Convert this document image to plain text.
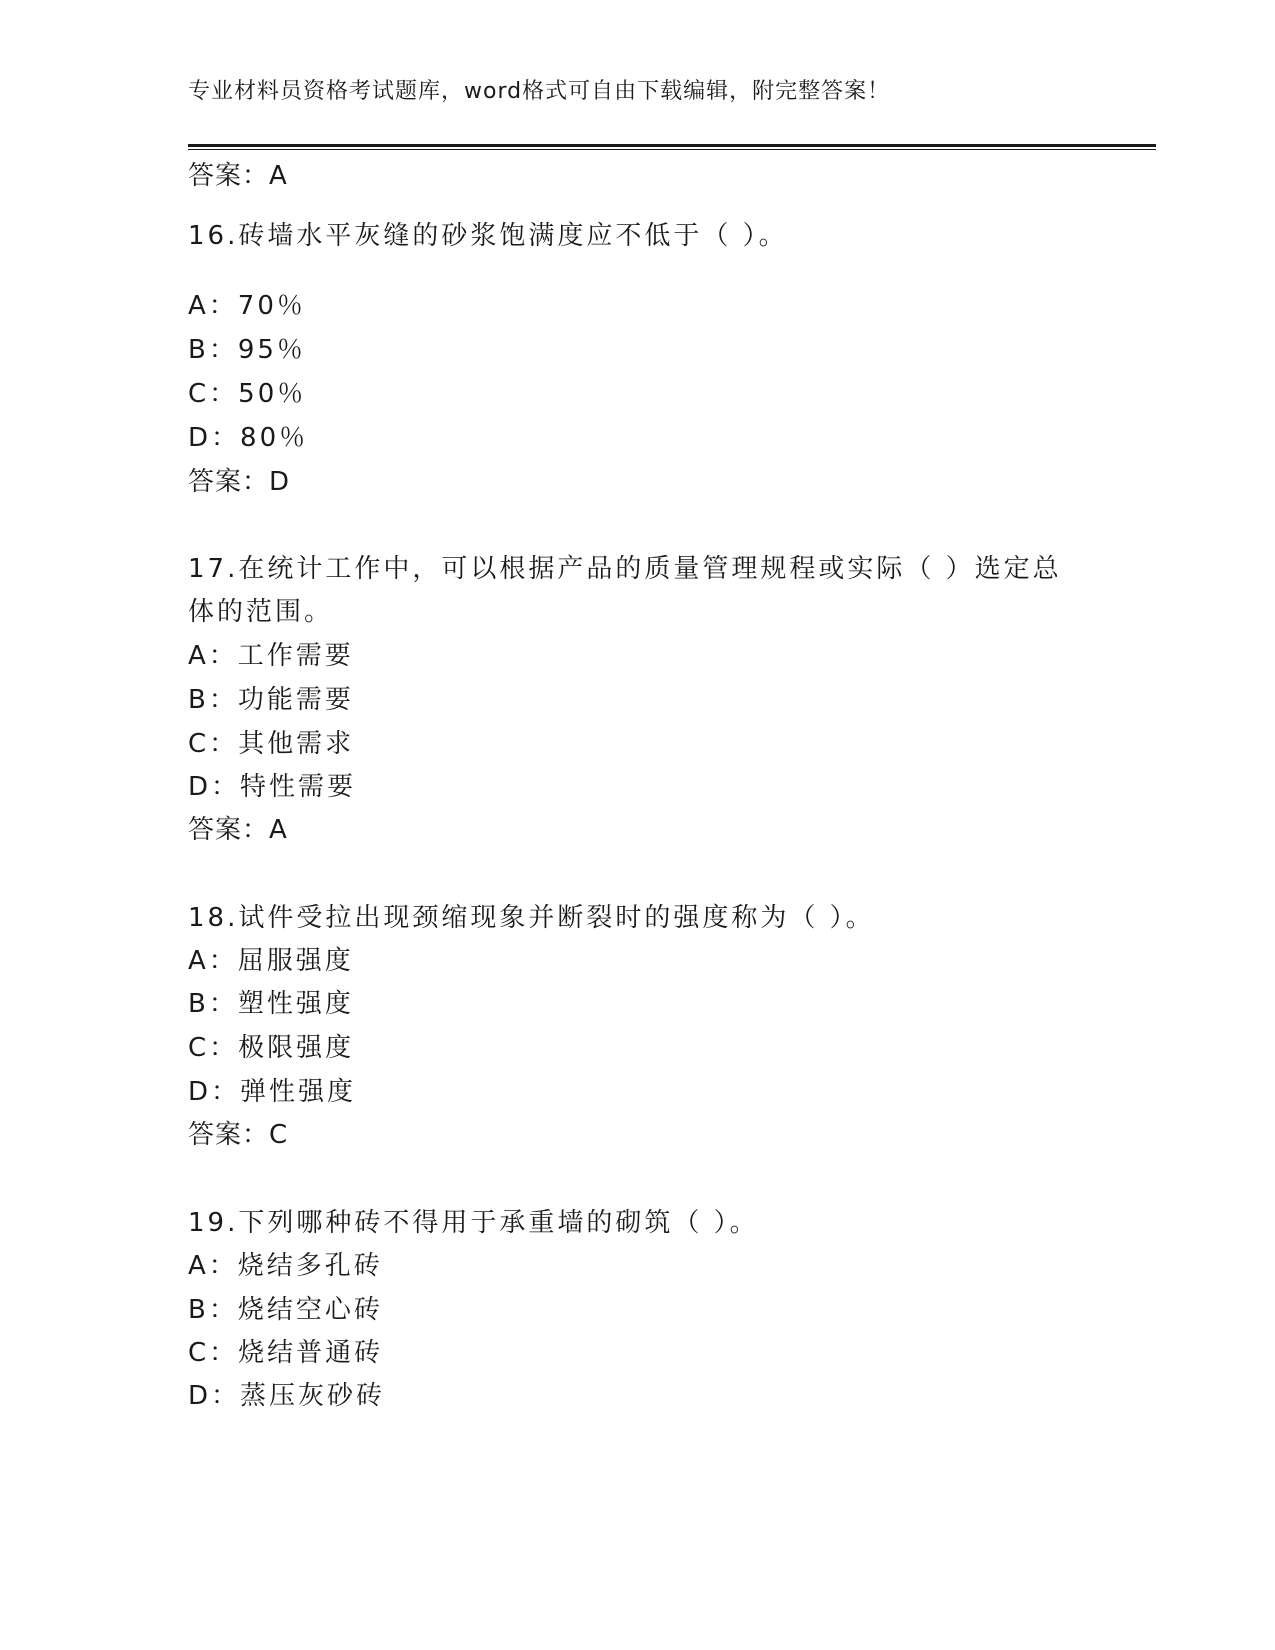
专业材料员资格考试题库，word格式可自由下载编辑，附完整答案！
答案：A
16.砖墙水平灰缝的砂浆饱满度应不低于（ ）。
A：70％
B：95％
C：50％
D：80％
答案：D
17.在统计工作中，可以根据产品的质量管理规程或实际（ ）选定总
体的范围。
A：工作需要
B：功能需要
C：其他需求
D：特性需要
答案：A
18.试件受拉出现颈缩现象并断裂时的强度称为（ ）。
A：屈服强度
B：塑性强度
C：极限强度
D：弹性强度
答案：C
19.下列哪种砖不得用于承重墙的砌筑（ ）。
A：烧结多孔砖
B：烧结空心砖
C：烧结普通砖
D：蒸压灰砂砖
